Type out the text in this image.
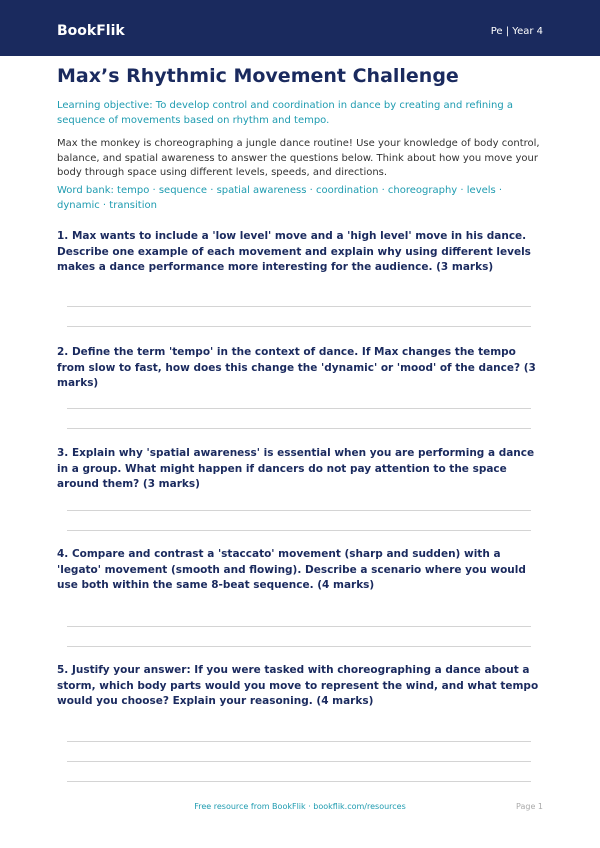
BookFlik	Pe | Year 4
Max’s Rhythmic Movement Challenge
Learning objective: To develop control and coordination in dance by creating and refining a sequence of movements based on rhythm and tempo.
Max the monkey is choreographing a jungle dance routine! Use your knowledge of body control, balance, and spatial awareness to answer the questions below. Think about how you move your body through space using different levels, speeds, and directions.
Word bank: tempo · sequence · spatial awareness · coordination · choreography · levels · dynamic · transition
1. Max wants to include a 'low level' move and a 'high level' move in his dance. Describe one example of each movement and explain why using different levels makes a dance performance more interesting for the audience. (3 marks)
2. Define the term 'tempo' in the context of dance. If Max changes the tempo from slow to fast, how does this change the 'dynamic' or 'mood' of the dance? (3 marks)
3. Explain why 'spatial awareness' is essential when you are performing a dance in a group. What might happen if dancers do not pay attention to the space around them? (3 marks)
4. Compare and contrast a 'staccato' movement (sharp and sudden) with a 'legato' movement (smooth and flowing). Describe a scenario where you would use both within the same 8-beat sequence. (4 marks)
5. Justify your answer: If you were tasked with choreographing a dance about a storm, which body parts would you move to represent the wind, and what tempo would you choose? Explain your reasoning. (4 marks)
Free resource from BookFlik · bookflik.com/resources	Page 1
